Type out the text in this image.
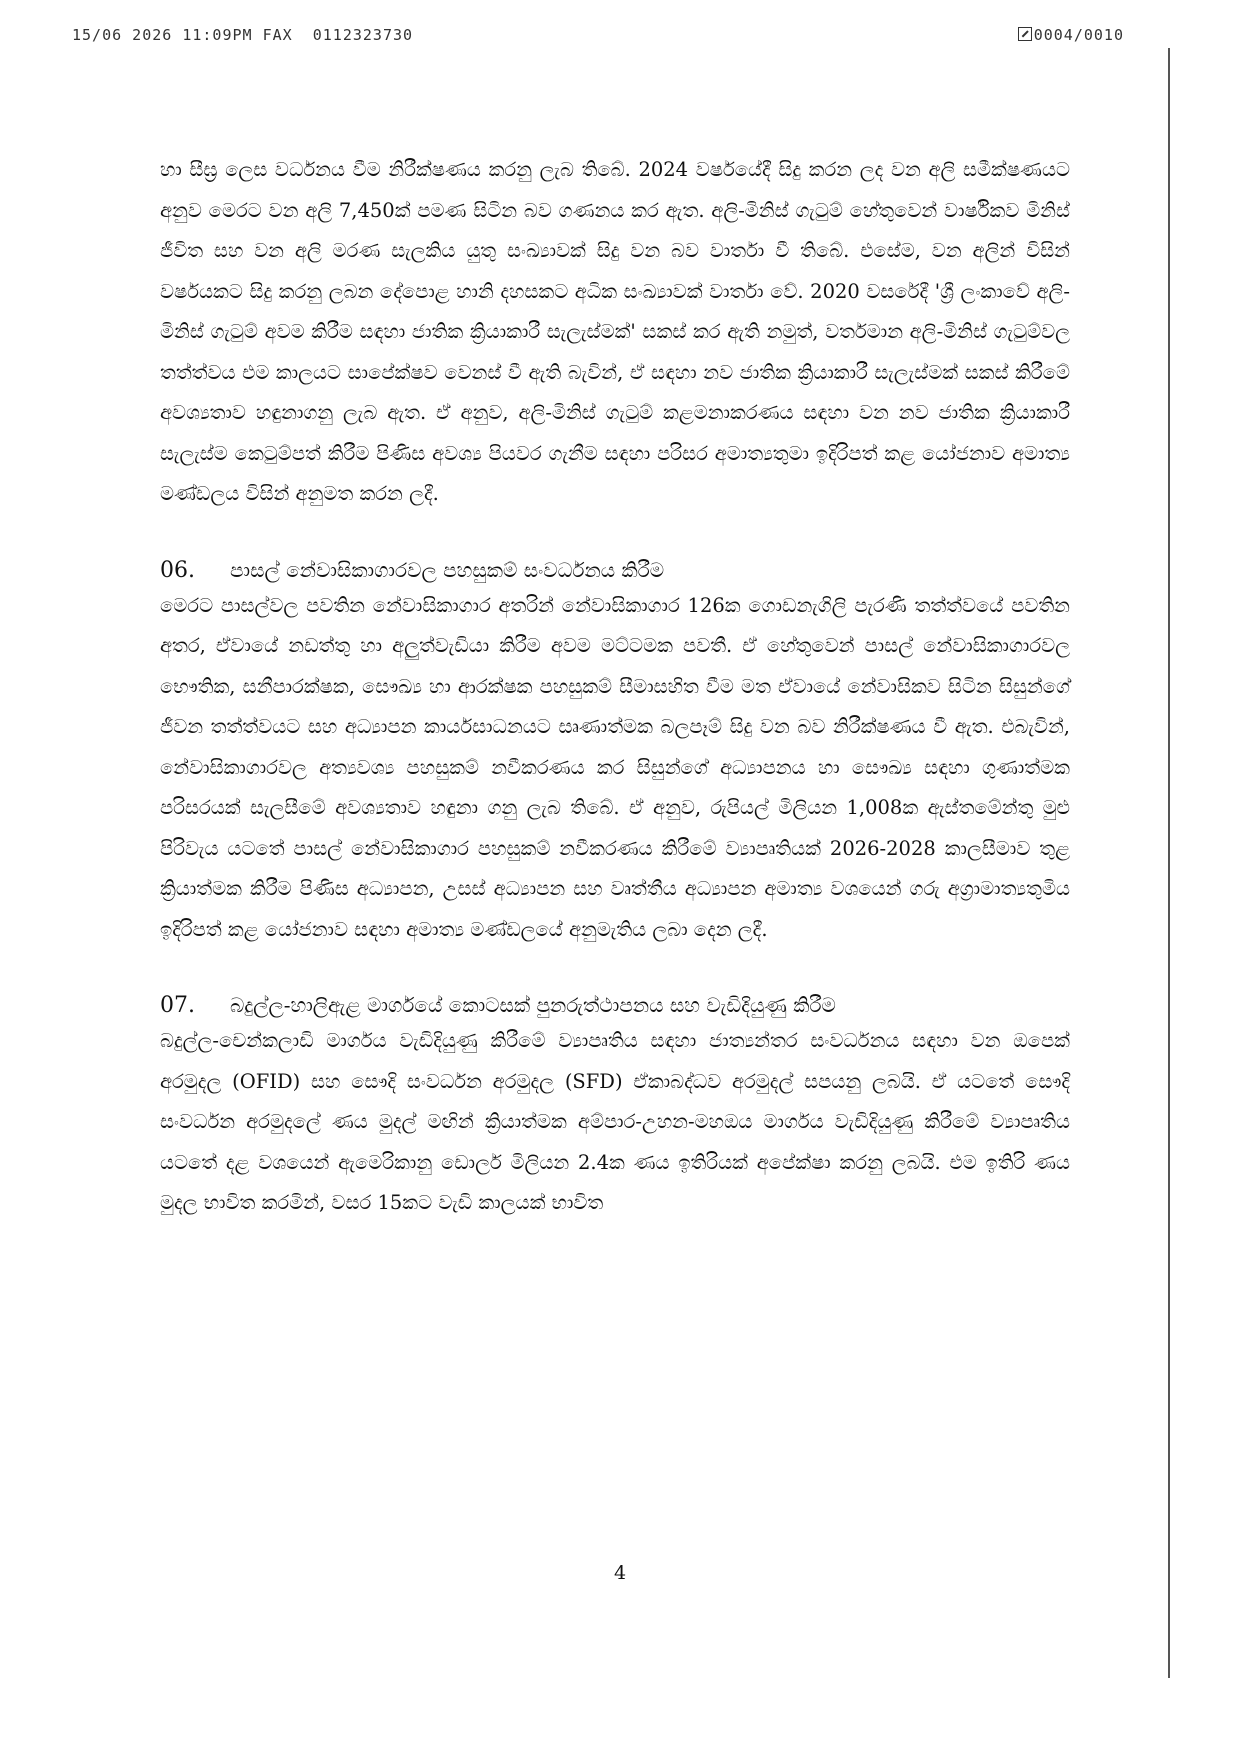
15/06 2026 11:09PM FAX 0112323730	0004/0010

හා සීඝ්‍ර ලෙස වර්ධනය වීම නිරීක්ෂණය කරනු ලැබ තිබේ. 2024 වර්ෂයේදී සිදු කරන ලද වන අලි සමීක්ෂණයට අනුව මෙරට වන අලි 7,450ක් පමණ සිටින බව ගණනය කර ඇත. අලි-මිනිස් ගැටුම් හේතුවෙන් වාර්ෂිකව මිනිස් ජීවිත සහ වන අලි මරණ සැලකිය යුතු සංඛ්‍යාවක් සිදු වන බව වාර්තා වී තිබේ. එසේම, වන අලින් විසින් වර්ෂයකට සිදු කරනු ලබන දේපොළ හානි දහසකට අධික සංඛ්‍යාවක් වාර්තා වේ. 2020 වසරේදී 'ශ්‍රී ලංකාවේ අලි-මිනිස් ගැටුම් අවම කිරීම සඳහා ජාතික ක්‍රියාකාරී සැලැස්මක්' සකස් කර ඇති නමුත්, වර්තමාන අලි-මිනිස් ගැටුම්වල තත්ත්වය එම කාලයට සාපේක්ෂව වෙනස් වී ඇති බැවින්, ඒ සඳහා නව ජාතික ක්‍රියාකාරී සැලැස්මක් සකස් කිරීමේ අවශ්‍යතාව හඳුනාගනු ලැබ ඇත. ඒ අනුව, අලි-මිනිස් ගැටුම් කළමනාකරණය සඳහා වන නව ජාතික ක්‍රියාකාරී සැලැස්ම කෙටුම්පත් කිරීම පිණිස අවශ්‍ය පියවර ගැනීම සඳහා පරිසර අමාත්‍යතුමා ඉදිරිපත් කළ යෝජනාව අමාත්‍ය මණ්ඩලය විසින් අනුමත කරන ලදී.

06.	පාසල් නේවාසිකාගාරවල පහසුකම් සංවර්ධනය කිරීම

මෙරට පාසල්වල පවතින නේවාසිකාගාර අතරින් නේවාසිකාගාර 126ක ගොඩනැගිලි පැරණි තත්ත්වයේ පවතින අතර, ඒවායේ නඩත්තු හා අලුත්වැඩියා කිරීම අවම මට්ටමක පවතී. ඒ හේතුවෙන් පාසල් නේවාසිකාගාරවල භෞතික, සනීපාරක්ෂක, සෞඛ්‍ය හා ආරක්ෂක පහසුකම් සීමාසහිත වීම මත ඒවායේ නේවාසිකව සිටින සිසුන්ගේ ජීවන තත්ත්වයට සහ අධ්‍යාපන කාර්යසාධනයට සෘණාත්මක බලපෑම් සිදු වන බව නිරීක්ෂණය වී ඇත. එබැවින්, නේවාසිකාගාරවල අත්‍යවශ්‍ය පහසුකම් නවීකරණය කර සිසුන්ගේ අධ්‍යාපනය හා සෞඛ්‍ය සඳහා ගුණාත්මක පරිසරයක් සැලසීමේ අවශ්‍යතාව හඳුනා ගනු ලැබ තිබේ. ඒ අනුව, රුපියල් මිලියන 1,008ක ඇස්තමේන්තු මුළු පිරිවැය යටතේ පාසල් නේවාසිකාගාර පහසුකම් නවීකරණය කිරීමේ ව්‍යාපෘතියක් 2026-2028 කාලසීමාව තුළ ක්‍රියාත්මක කිරීම පිණිස අධ්‍යාපන, උසස් අධ්‍යාපන සහ වෘත්තීය අධ්‍යාපන අමාත්‍ය වශයෙන් ගරු අග්‍රාමාත්‍යතුමිය ඉදිරිපත් කළ යෝජනාව සඳහා අමාත්‍ය මණ්ඩලයේ අනුමැතිය ලබා දෙන ලදී.

07.	බදුල්ල-හාලිඇළ මාර්ගයේ කොටසක් පුනරුත්ථාපනය සහ වැඩිදියුණු කිරීම

බදුල්ල-චෙන්කලාඩි මාර්ගය වැඩිදියුණු කිරීමේ ව්‍යාපෘතිය සඳහා ජාත්‍යන්තර සංවර්ධනය සඳහා වන ඔපෙක් අරමුදල (OFID) සහ සෞදි සංවර්ධන අරමුදල (SFD) ඒකාබද්ධව අරමුදල් සපයනු ලබයි. ඒ යටතේ සෞදි සංවර්ධන අරමුදලේ ණය මුදල් මඟින් ක්‍රියාත්මක අම්පාර-උහන-මහඔය මාර්ගය වැඩිදියුණු කිරීමේ ව්‍යාපෘතිය යටතේ දළ වශයෙන් ඇමෙරිකානු ඩොලර් මිලියන 2.4ක ණය ඉතිරියක් අපේක්ෂා කරනු ලබයි. එම ඉතිරි ණය මුදල භාවිත කරමින්, වසර 15කට වැඩි කාලයක් භාවිත

4
